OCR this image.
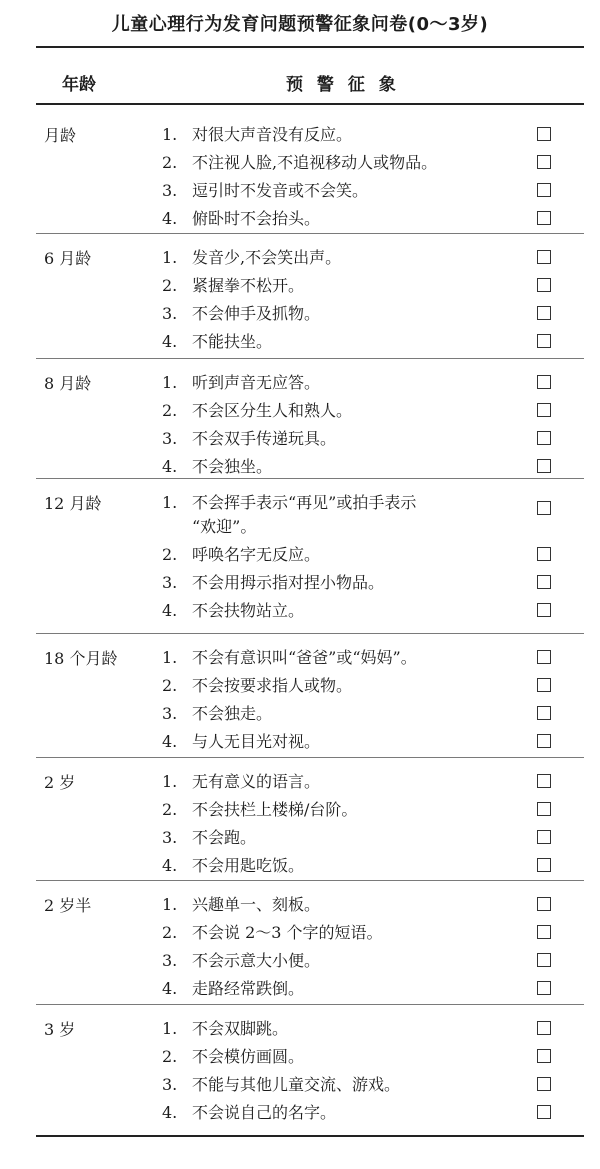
儿童心理行为发育问题预警征象问卷(0～3岁)
年龄	预 警 征 象
月龄	1. 对很大声音没有反应。
2. 不注视人脸,不追视移动人或物品。
3. 逗引时不发音或不会笑。
4. 俯卧时不会抬头。
6 月龄	1. 发音少,不会笑出声。
2. 紧握拳不松开。
3. 不会伸手及抓物。
4. 不能扶坐。
8 月龄	1. 听到声音无应答。
2. 不会区分生人和熟人。
3. 不会双手传递玩具。
4. 不会独坐。
12 月龄	1. 不会挥手表示“再见”或拍手表示
“欢迎”。
2. 呼唤名字无反应。
3. 不会用拇示指对捏小物品。
4. 不会扶物站立。
18 个月龄	1. 不会有意识叫“爸爸”或“妈妈”。
2. 不会按要求指人或物。
3. 不会独走。
4. 与人无目光对视。
2 岁	1. 无有意义的语言。
2. 不会扶栏上楼梯/台阶。
3. 不会跑。
4. 不会用匙吃饭。
2 岁半	1. 兴趣单一、刻板。
2. 不会说 2～3 个字的短语。
3. 不会示意大小便。
4. 走路经常跌倒。
3 岁	1. 不会双脚跳。
2. 不会模仿画圆。
3. 不能与其他儿童交流、游戏。
4. 不会说自己的名字。
